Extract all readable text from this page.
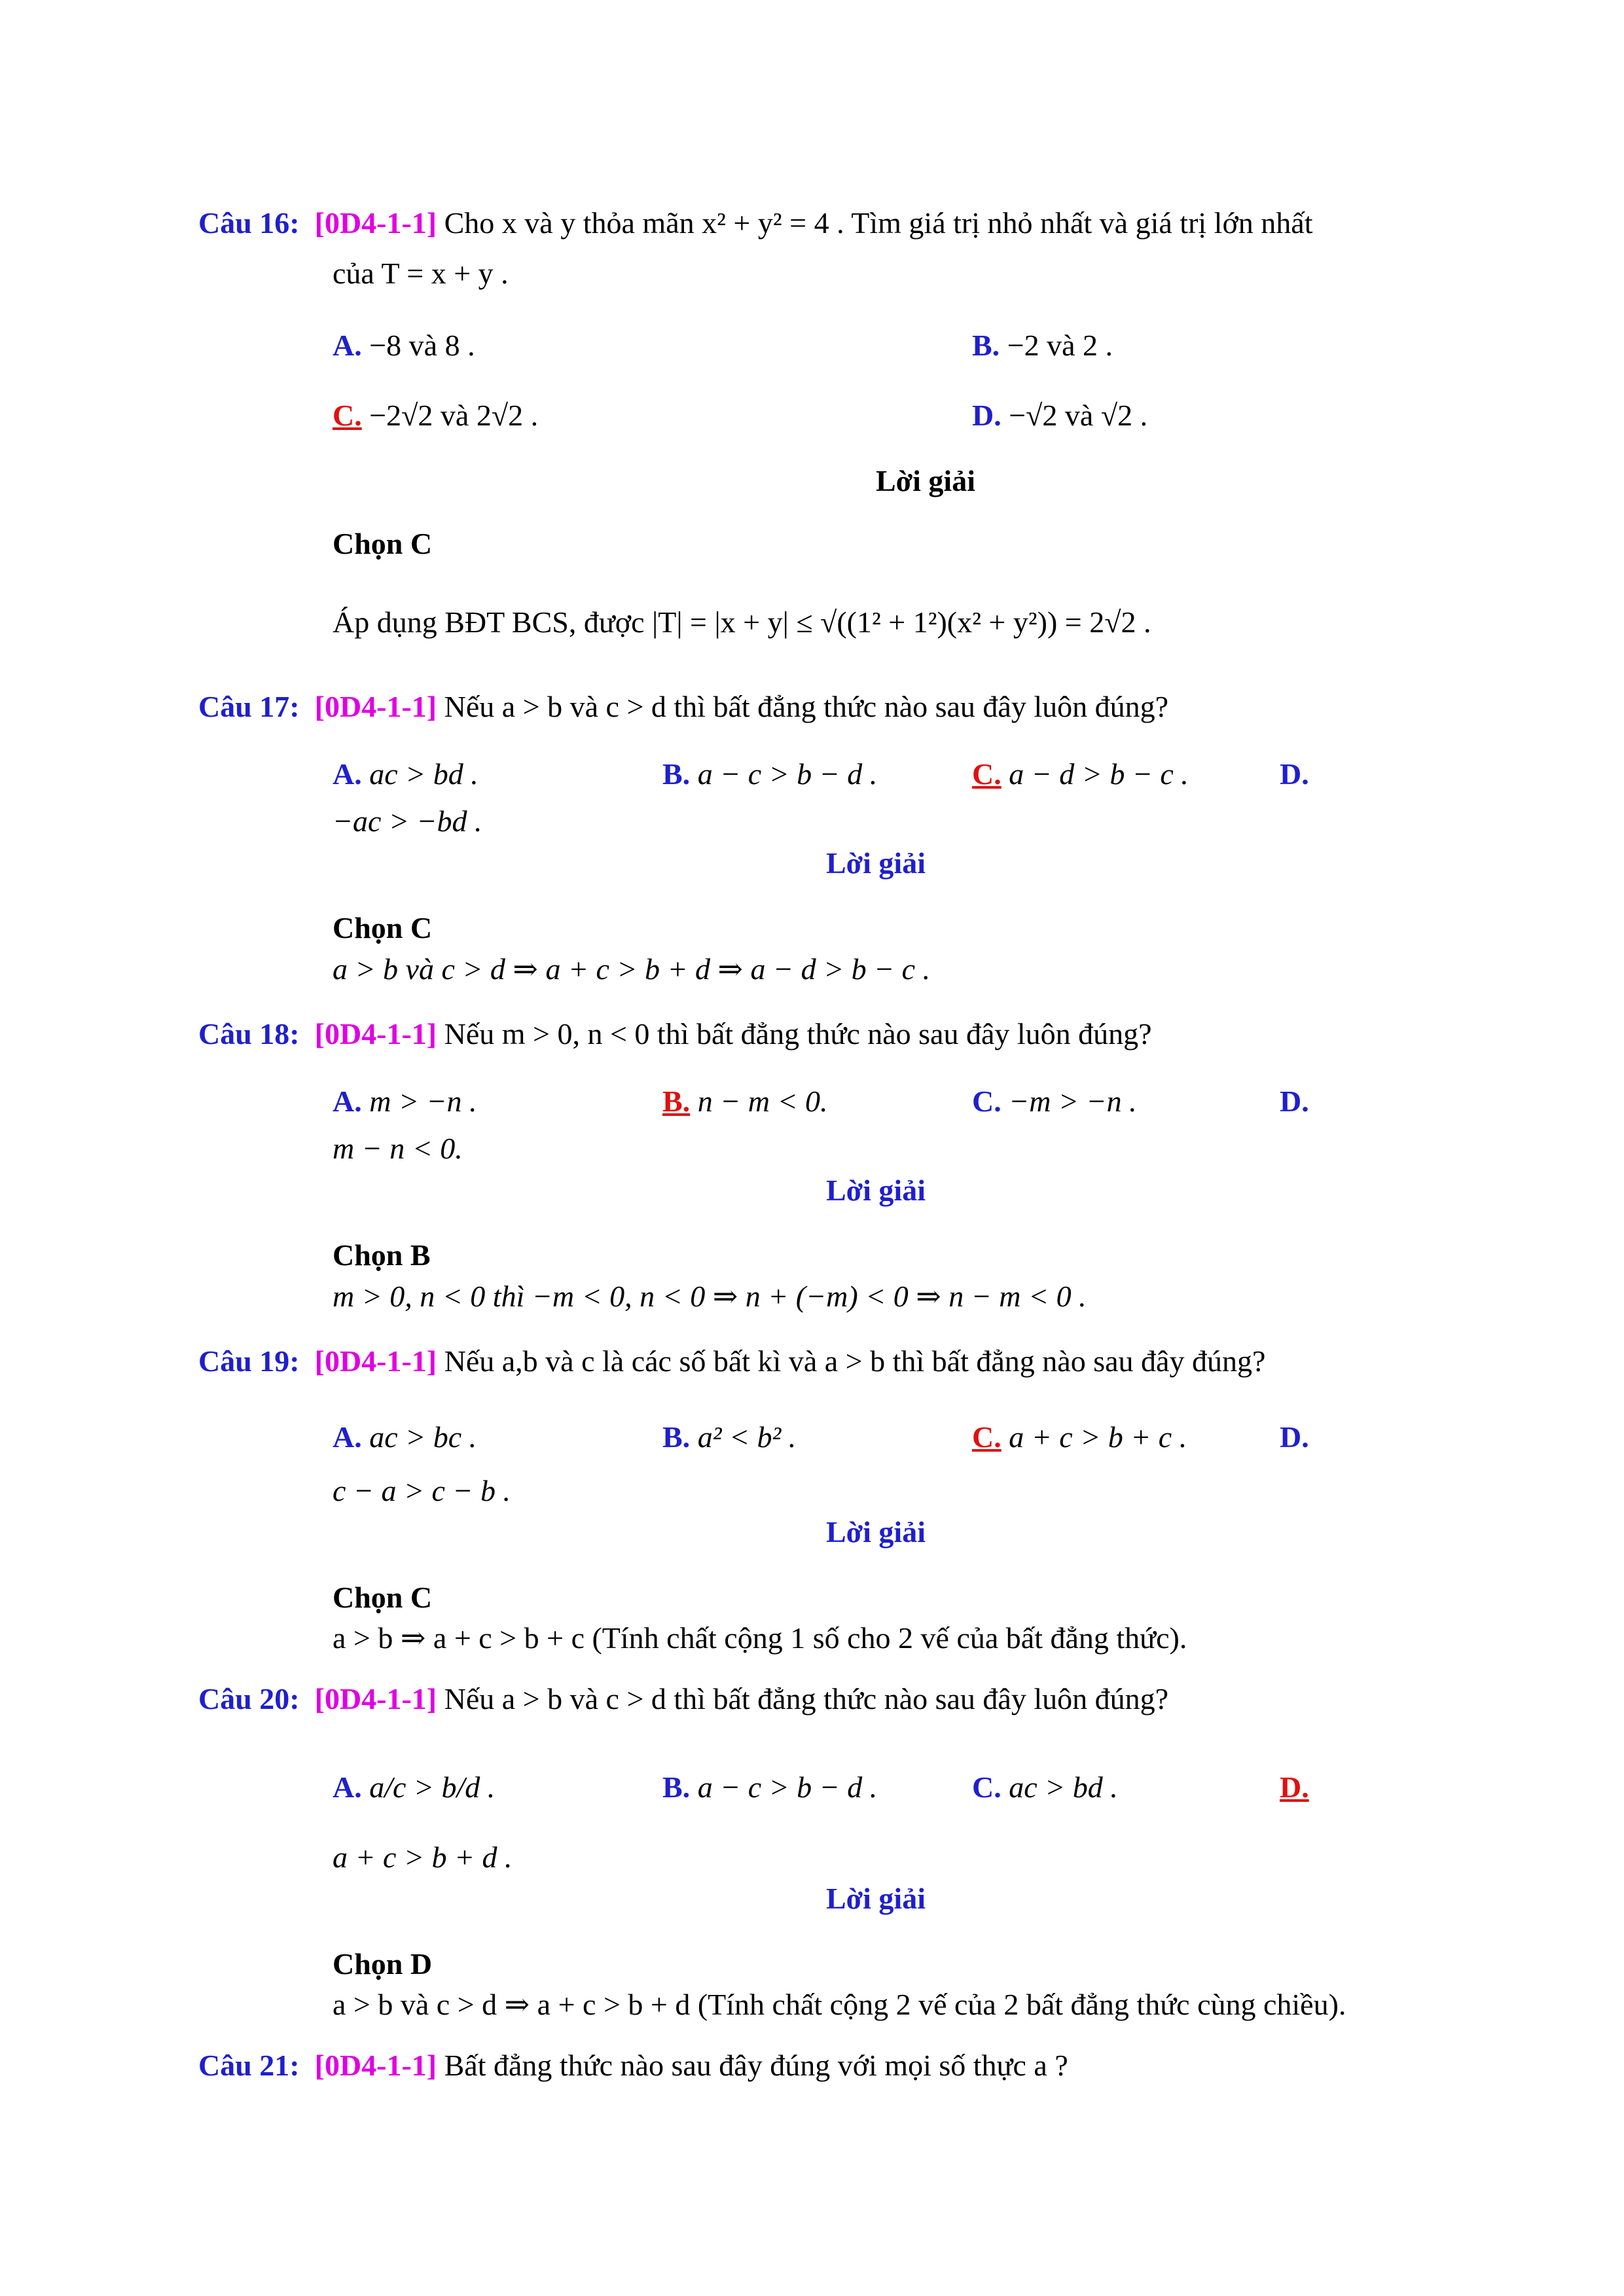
Câu 16: [0D4-1-1] Cho x và y thỏa mãn x² + y² = 4 . Tìm giá trị nhỏ nhất và giá trị lớn nhất
của T = x + y .
A. −8 và 8 .	B. −2 và 2 .
C. −2√2 và 2√2 .	D. −√2 và √2 .
Lời giải
Chọn C
Áp dụng BĐT BCS, được |T| = |x + y| ≤ √((1² + 1²)(x² + y²)) = 2√2 .
Câu 17: [0D4-1-1] Nếu a > b và c > d thì bất đẳng thức nào sau đây luôn đúng?
A. ac > bd .	B. a − c > b − d .	C. a − d > b − c .	D.
−ac > −bd .
Lời giải
Chọn C
a > b và c > d ⇒ a + c > b + d ⇒ a − d > b − c .
Câu 18: [0D4-1-1] Nếu m > 0, n < 0 thì bất đẳng thức nào sau đây luôn đúng?
A. m > −n .	B. n − m < 0.	C. −m > −n .	D.
m − n < 0.
Lời giải
Chọn B
m > 0, n < 0 thì −m < 0, n < 0 ⇒ n + (−m) < 0 ⇒ n − m < 0 .
Câu 19: [0D4-1-1] Nếu a,b và c là các số bất kì và a > b thì bất đẳng nào sau đây đúng?
A. ac > bc .	B. a² < b² .	C. a + c > b + c .	D.
c − a > c − b .
Lời giải
Chọn C
a > b ⇒ a + c > b + c (Tính chất cộng 1 số cho 2 vế của bất đẳng thức).
Câu 20: [0D4-1-1] Nếu a > b và c > d thì bất đẳng thức nào sau đây luôn đúng?
A. a/c > b/d .	B. a − c > b − d .	C. ac > bd .	D.
a + c > b + d .
Lời giải
Chọn D
a > b và c > d ⇒ a + c > b + d (Tính chất cộng 2 vế của 2 bất đẳng thức cùng chiều).
Câu 21: [0D4-1-1] Bất đẳng thức nào sau đây đúng với mọi số thực a ?
